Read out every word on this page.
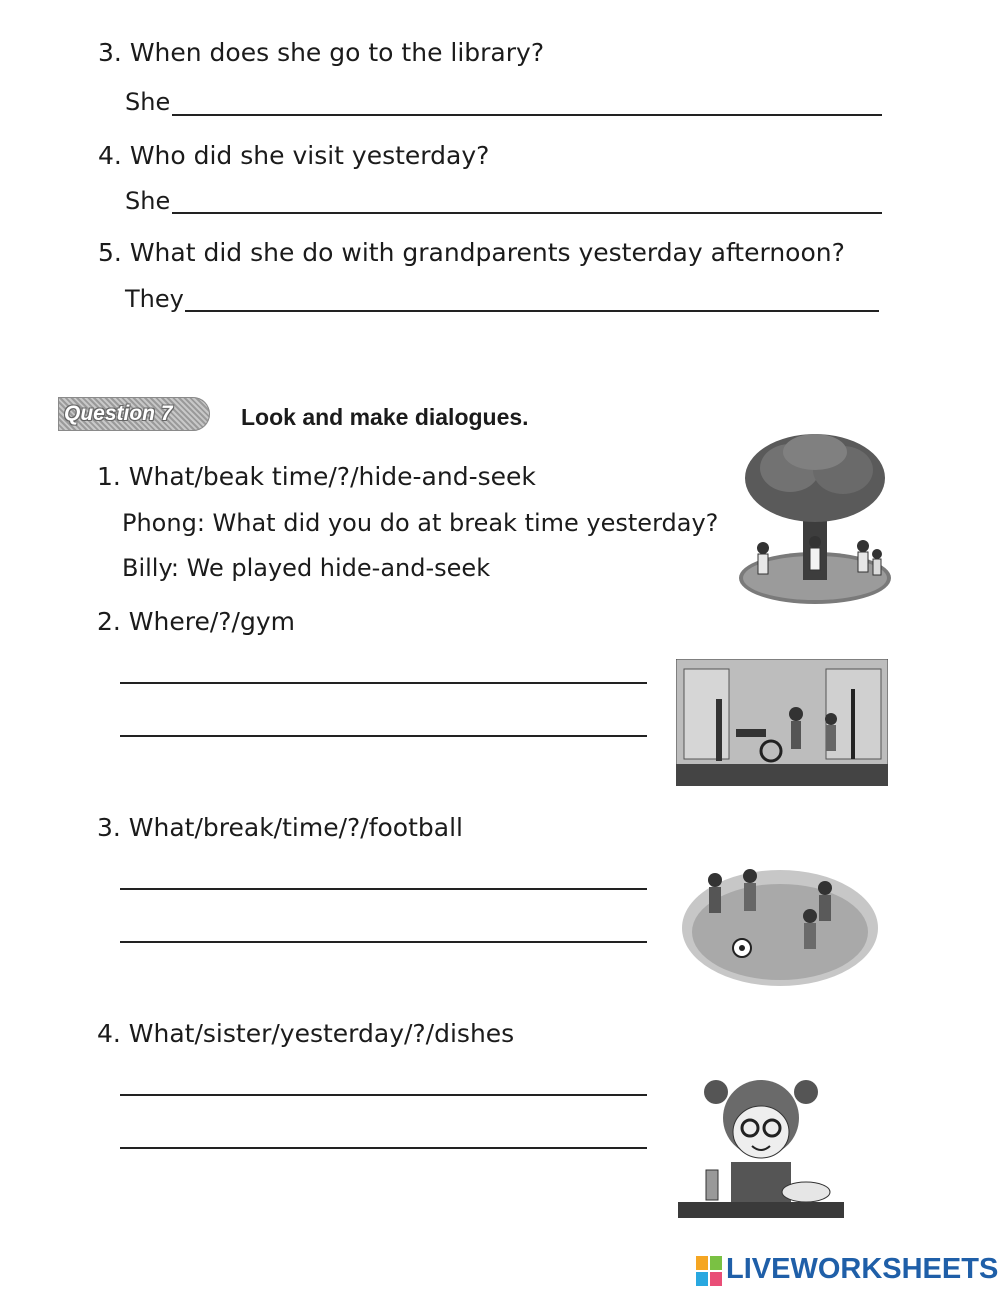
3. When does she go to the library?
She
4. Who did she visit yesterday?
She
5. What did she do with grandparents yesterday afternoon?
They
Question 7	Look and make dialogues.
1. What/beak time/?/hide-and-seek
Phong: What did you do at break time yesterday?
Billy: We played hide-and-seek
2. Where/?/gym
3. What/break/time/?/football
4. What/sister/yesterday/?/dishes
LIVEWORKSHEETS
